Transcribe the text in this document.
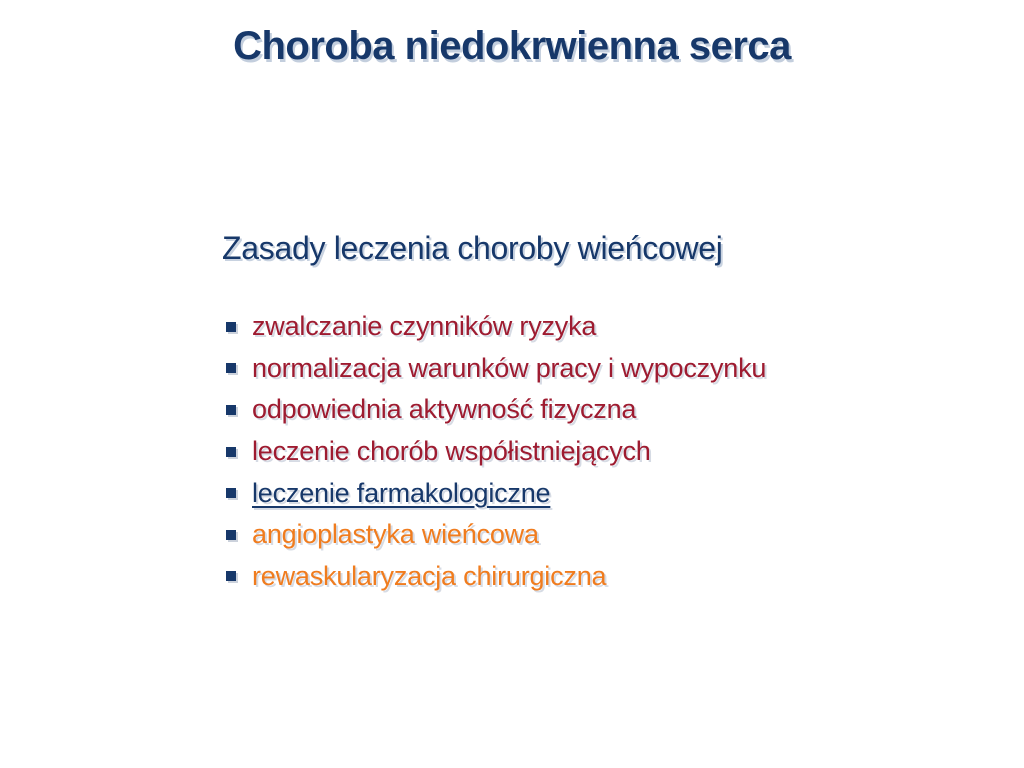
Choroba niedokrwienna serca
Zasady leczenia choroby wieńcowej
zwalczanie czynników ryzyka
normalizacja warunków pracy i wypoczynku
odpowiednia aktywność fizyczna
leczenie chorób współistniejących
leczenie farmakologiczne
angioplastyka wieńcowa
rewaskularyzacja chirurgiczna
